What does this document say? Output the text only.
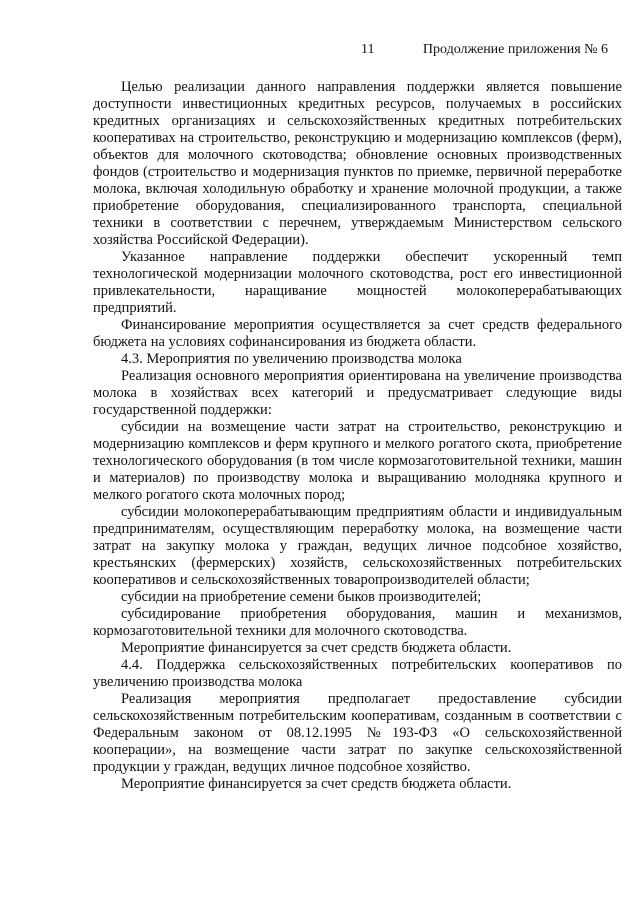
11	Продолжение приложения № 6

Целью реализации данного направления поддержки является повышение доступности инвестиционных кредитных ресурсов, получаемых в российских кредитных организациях и сельскохозяйственных кредитных потребительских кооперативах на строительство, реконструкцию и модернизацию комплексов (ферм), объектов для молочного скотоводства; обновление основных производственных фондов (строительство и модернизация пунктов по приемке, первичной переработке молока, включая холодильную обработку и хранение молочной продукции, а также приобретение оборудования, специализированного транспорта, специальной техники в соответствии с перечнем, утверждаемым Министерством сельского хозяйства Российской Федерации).

Указанное направление поддержки обеспечит ускоренный темп технологической модернизации молочного скотоводства, рост его инвестиционной привлекательности, наращивание мощностей молокоперерабатывающих предприятий.

Финансирование мероприятия осуществляется за счет средств федерального бюджета на условиях софинансирования из бюджета области.

4.3. Мероприятия по увеличению производства молока

Реализация основного мероприятия ориентирована на увеличение производства молока в хозяйствах всех категорий и предусматривает следующие виды государственной поддержки:

субсидии на возмещение части затрат на строительство, реконструкцию и модернизацию комплексов и ферм крупного и мелкого рогатого скота, приобретение технологического оборудования (в том числе кормозаготовительной техники, машин и материалов) по производству молока и выращиванию молодняка крупного и мелкого рогатого скота молочных пород;

субсидии молокоперерабатывающим предприятиям области и индивидуальным предпринимателям, осуществляющим переработку молока, на возмещение части затрат на закупку молока у граждан, ведущих личное подсобное хозяйство, крестьянских (фермерских) хозяйств, сельскохозяйственных потребительских кооперативов и сельскохозяйственных товаропроизводителей области;

субсидии на приобретение семени быков производителей;

субсидирование приобретения оборудования, машин и механизмов, кормозаготовительной техники для молочного скотоводства.

Мероприятие финансируется за счет средств бюджета области.

4.4. Поддержка сельскохозяйственных потребительских кооперативов по увеличению производства молока

Реализация мероприятия предполагает предоставление субсидии сельскохозяйственным потребительским кооперативам, созданным в соответствии с Федеральным законом от 08.12.1995 №193-ФЗ «О сельскохозяйственной кооперации», на возмещение части затрат по закупке сельскохозяйственной продукции у граждан, ведущих личное подсобное хозяйство.

Мероприятие финансируется за счет средств бюджета области.
